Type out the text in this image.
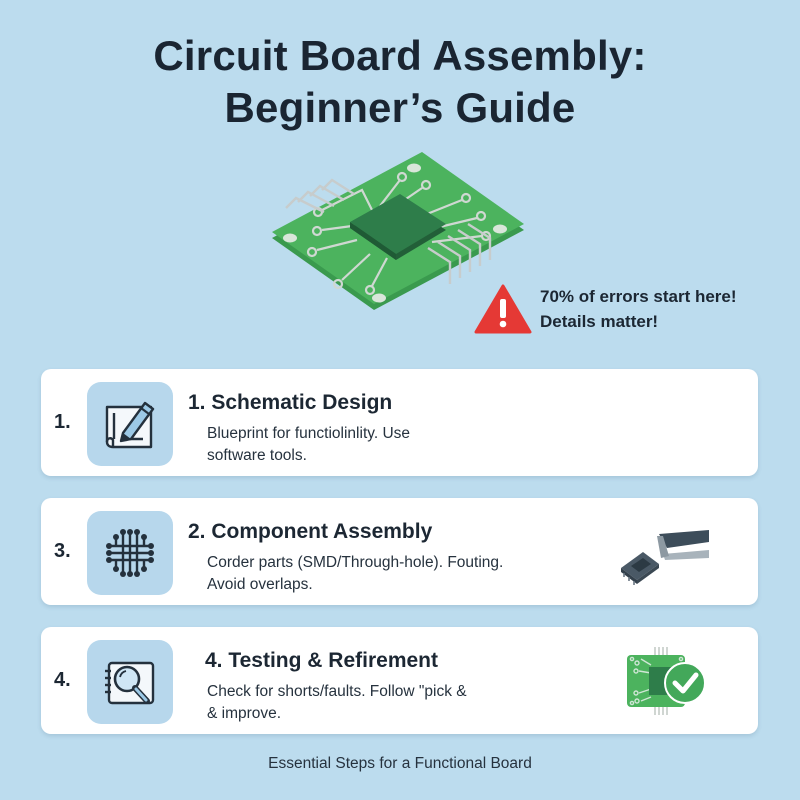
Circuit Board Assembly:
Beginner’s Guide
70% of errors start here!
Details matter!
1.
1. Schematic Design
Blueprint for functiolinlity. Use
software tools.
3.
2. Component Assembly
Corder parts (SMD/Through-hole). Fouting.
Avoid overlaps.
4.
4. Testing & Refirement
Check for shorts/faults. Follow "pick &
& improve.
Essential Steps for a Functional Board
